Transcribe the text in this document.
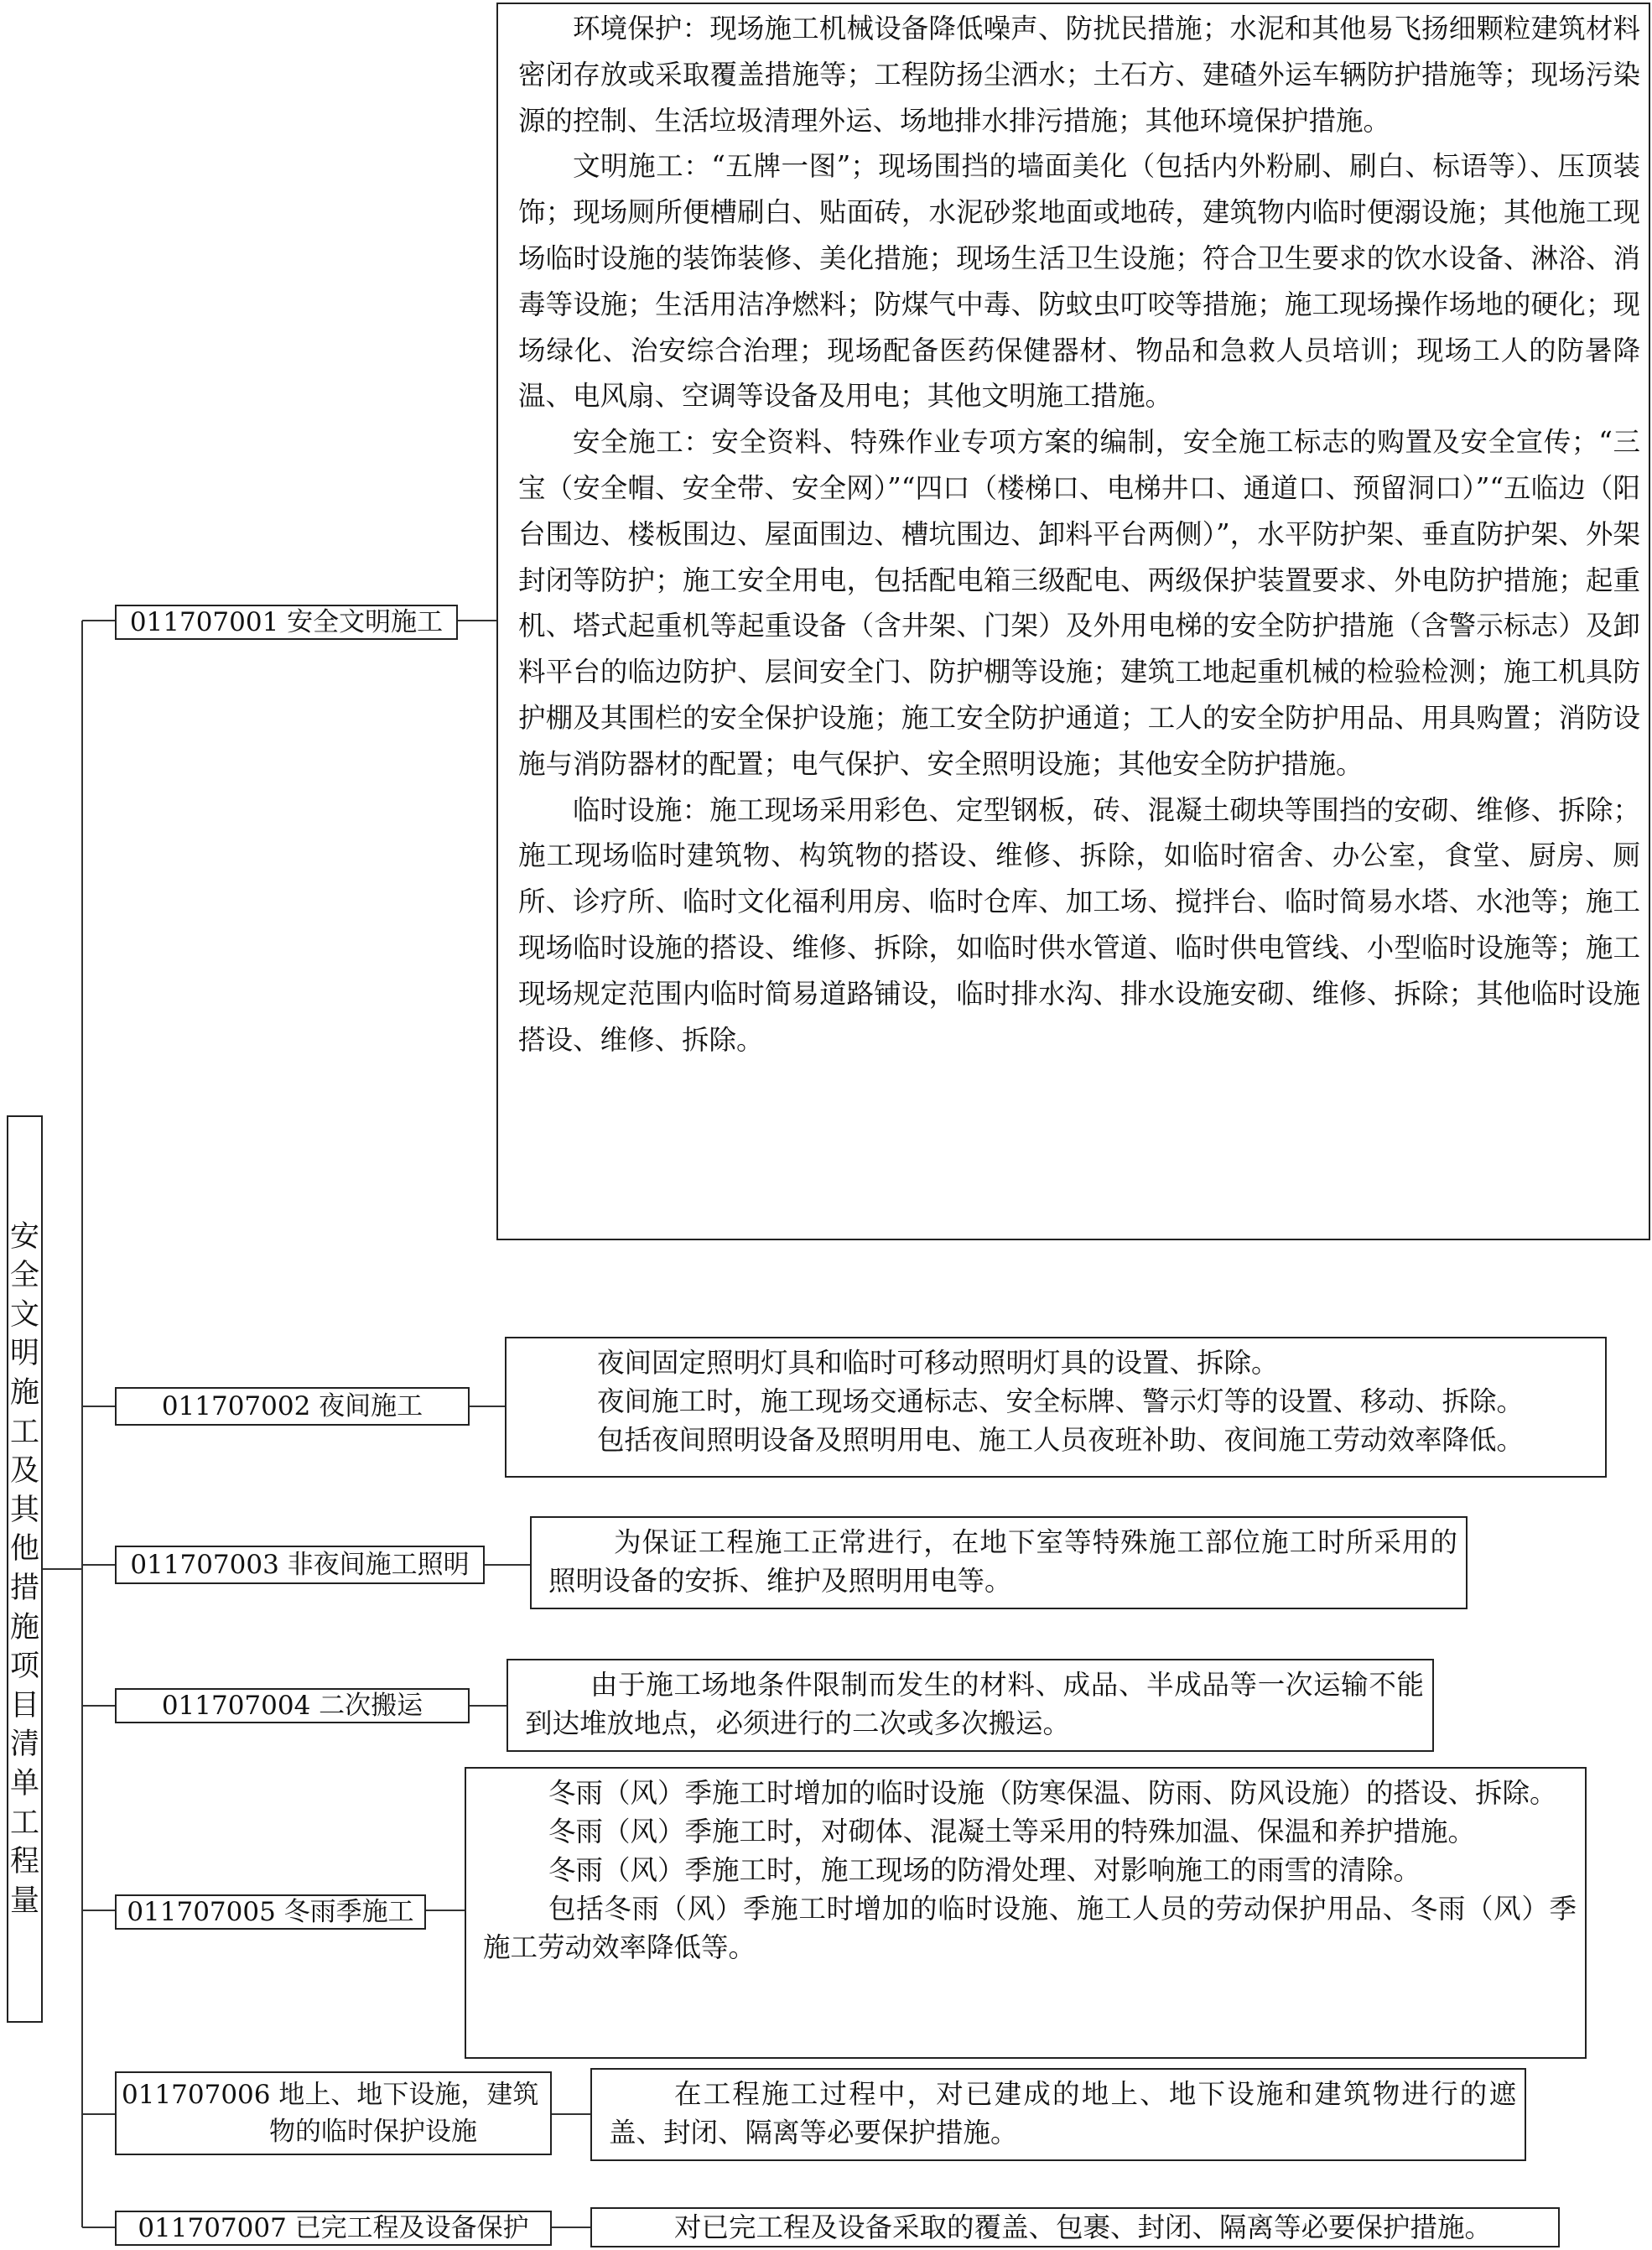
安
全
文
明
施
工
及
其
他
措
施
项
目
清
单
工
程
量
011707001 安全文明施工

环境保护：现场施工机械设备降低噪声、防扰民措施；水泥和其他易飞扬细颗粒建筑材料密闭存放或采取覆盖措施等；工程防扬尘洒水；土石方、建碴外运车辆防护措施等；现场污染源的控制、生活垃圾清理外运、场地排水排污措施；其他环境保护措施。

文明施工：“五牌一图”；现场围挡的墙面美化（包括内外粉刷、刷白、标语等）、压顶装饰；现场厕所便槽刷白、贴面砖，水泥砂浆地面或地砖，建筑物内临时便溺设施；其他施工现场临时设施的装饰装修、美化措施；现场生活卫生设施；符合卫生要求的饮水设备、淋浴、消毒等设施；生活用洁净燃料；防煤气中毒、防蚊虫叮咬等措施；施工现场操作场地的硬化；现场绿化、治安综合治理；现场配备医药保健器材、物品和急救人员培训；现场工人的防暑降温、电风扇、空调等设备及用电；其他文明施工措施。

安全施工：安全资料、特殊作业专项方案的编制，安全施工标志的购置及安全宣传；“三宝（安全帽、安全带、安全网）”“四口（楼梯口、电梯井口、通道口、预留洞口）”“五临边（阳台围边、楼板围边、屋面围边、槽坑围边、卸料平台两侧）”，水平防护架、垂直防护架、外架封闭等防护；施工安全用电，包括配电箱三级配电、两级保护装置要求、外电防护措施；起重机、塔式起重机等起重设备（含井架、门架）及外用电梯的安全防护措施（含警示标志）及卸料平台的临边防护、层间安全门、防护棚等设施；建筑工地起重机械的检验检测；施工机具防护棚及其围栏的安全保护设施；施工安全防护通道；工人的安全防护用品、用具购置；消防设施与消防器材的配置；电气保护、安全照明设施；其他安全防护措施。

临时设施：施工现场采用彩色、定型钢板，砖、混凝土砌块等围挡的安砌、维修、拆除；施工现场临时建筑物、构筑物的搭设、维修、拆除，如临时宿舍、办公室，食堂、厨房、厕所、诊疗所、临时文化福利用房、临时仓库、加工场、搅拌台、临时简易水塔、水池等；施工现场临时设施的搭设、维修、拆除，如临时供水管道、临时供电管线、小型临时设施等；施工现场规定范围内临时简易道路铺设，临时排水沟、排水设施安砌、维修、拆除；其他临时设施搭设、维修、拆除。

011707002 夜间施工

夜间固定照明灯具和临时可移动照明灯具的设置、拆除。

夜间施工时，施工现场交通标志、安全标牌、警示灯等的设置、移动、拆除。

包括夜间照明设备及照明用电、施工人员夜班补助、夜间施工劳动效率降低。

011707003 非夜间施工照明

为保证工程施工正常进行，在地下室等特殊施工部位施工时所采用的照明设备的安拆、维护及照明用电等。

011707004 二次搬运

由于施工场地条件限制而发生的材料、成品、半成品等一次运输不能到达堆放地点，必须进行的二次或多次搬运。

011707005 冬雨季施工

冬雨（风）季施工时增加的临时设施（防寒保温、防雨、防风设施）的搭设、拆除。

冬雨（风）季施工时，对砌体、混凝土等采用的特殊加温、保温和养护措施。

冬雨（风）季施工时，施工现场的防滑处理、对影响施工的雨雪的清除。

包括冬雨（风）季施工时增加的临时设施、施工人员的劳动保护用品、冬雨（风）季施工劳动效率降低等。

011707006 地上、地下设施，建筑
物的临时保护设施

在工程施工过程中，对已建成的地上、地下设施和建筑物进行的遮盖、封闭、隔离等必要保护措施。

011707007 已完工程及设备保护	对已完工程及设备采取的覆盖、包裹、封闭、隔离等必要保护措施。
